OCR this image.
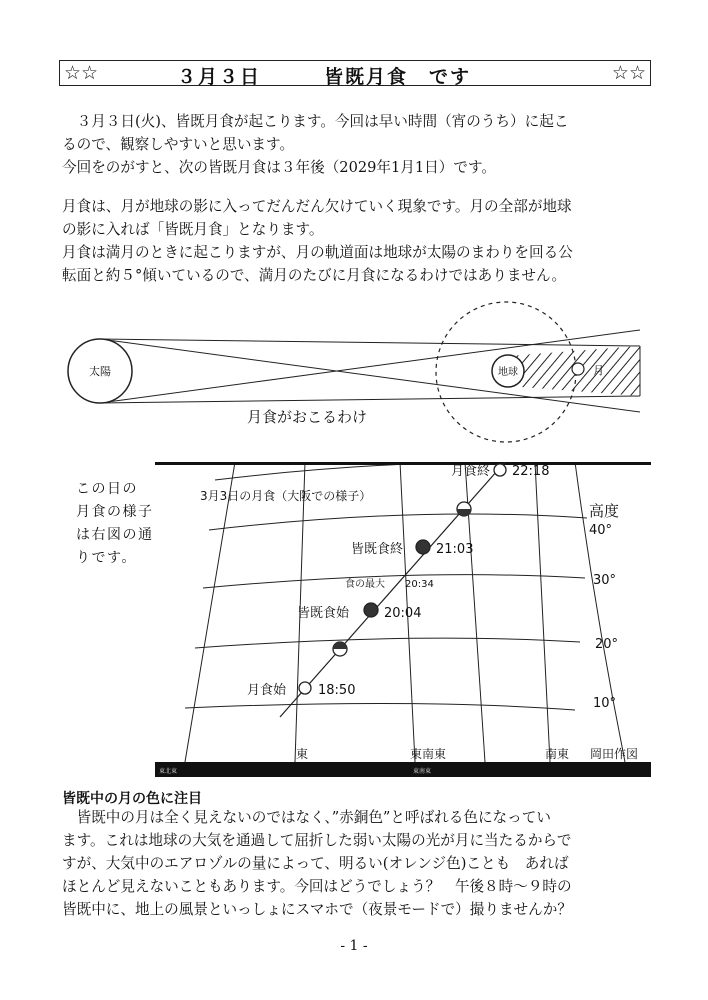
☆☆	３月３日　　　皆既月食　です	☆☆

　３月３日(火)、皆既月食が起こります。今回は早い時間（宵のうち）に起こ

るので、観察しやすいと思います。

今回をのがすと、次の皆既月食は３年後（2029年1月1日）です。

月食は、月が地球の影に入ってだんだん欠けていく現象です。月の全部が地球

の影に入れば「皆既月食」となります。

月食は満月のときに起こりますが、月の軌道面は地球が太陽のまわりを回る公

転面と約５°傾いているので、満月のたびに月食になるわけではありません。

太陽	地球	月
月食がおこるわけ
この日の
月食の様子
は右図の通
りです。
3月3日の月食（大阪での様子）
月食始 18:50
皆既食始	20:04
食の最大 20:34
皆既食終	21:03
月食終 22:18
高度
40°
30°
20°
10°
東	東南東	南東 岡田作図
東北東	東南東
皆既中の月の色に注目

　皆既中の月は全く見えないのではなく、”赤銅色”と呼ばれる色になってい

ます。これは地球の大気を通過して屈折した弱い太陽の光が月に当たるからで

すが、大気中のエアロゾルの量によって、明るい(オレンジ色)ことも　あれば

ほとんど見えないこともあります。今回はどうでしょう？　午後８時～９時の

皆既中に、地上の風景といっしょにスマホで（夜景モードで）撮りませんか？

- 1 -
